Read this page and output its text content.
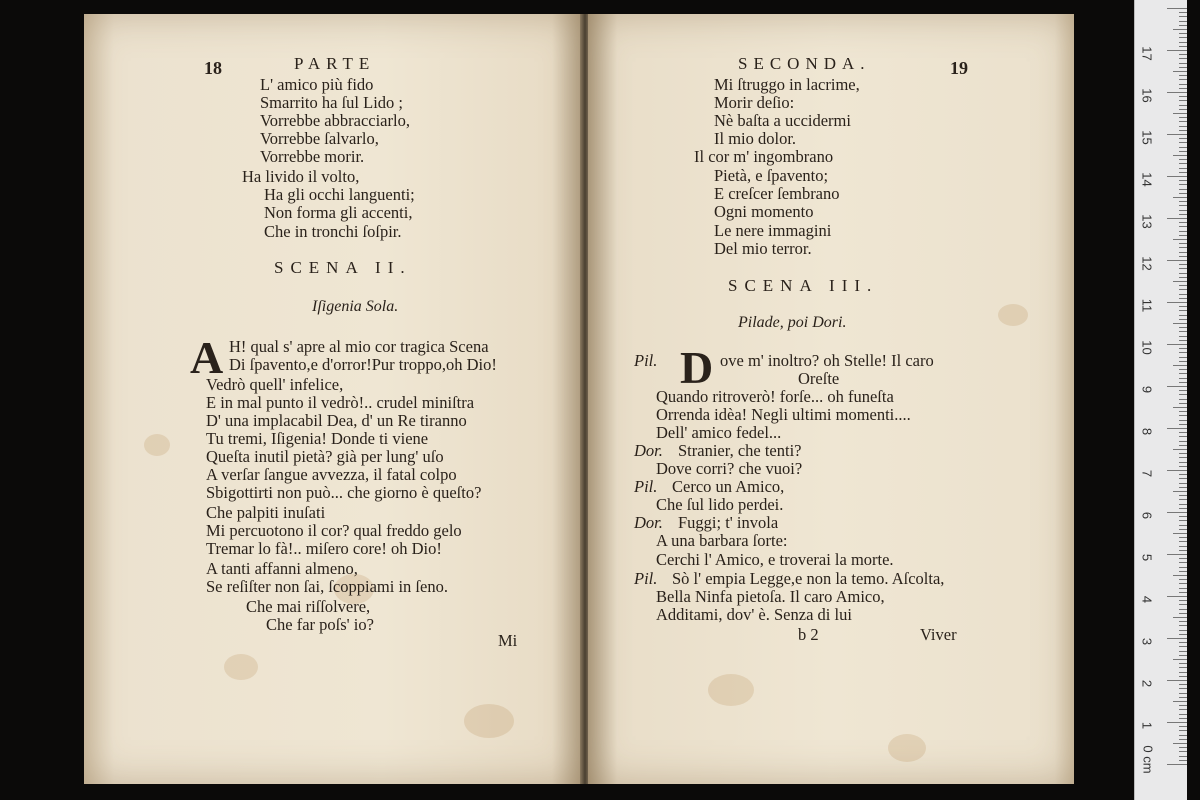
18	PARTE
L' amico più fido
Smarrito ha ſul Lido ;
Vorrebbe abbracciarlo,
Vorrebbe ſalvarlo,
Vorrebbe morir.
Ha livido il volto,
Ha gli occhi languenti;
Non forma gli accenti,
Che in tronchi ſoſpir.
SCENA II.
Iſigenia Sola.
A H! qual s' apre al mio cor tragica Scena
Di ſpavento,e d'orror!Pur troppo,oh Dio!
Vedrò quell' infelice,
E in mal punto il vedrò!.. crudel miniſtra
D' una implacabil Dea, d' un Re tiranno
Tu tremi, Iſigenia! Donde ti viene
Queſta inutil pietà? già per lung' uſo
A verſar ſangue avvezza, il fatal colpo
Sbigottirti non può... che giorno è queſto?
Che palpiti inuſati
Mi percuotono il cor? qual freddo gelo
Tremar lo fà!.. miſero core! oh Dio!
A tanti affanni almeno,
Se reſiſter non ſai, ſcoppiami in ſeno.
Che mai riſſolvere,
Che far poſs' io?
Mi
SECONDA.	19
Mi ſtruggo in lacrime,
Morir deſio:
Nè baſta a uccidermi
Il mio dolor.
Il cor m' ingombrano
Pietà, e ſpavento;
E creſcer ſembrano
Ogni momento
Le nere immagini
Del mio terror.
SCENA III.
Pilade, poi Dori.
D
Pil.	ove m' inoltro? oh Stelle! Il caro
Oreſte
Quando ritroverò! forſe... oh funeſta
Orrenda idèa! Negli ultimi momenti....
Dell' amico fedel...
Dor. Stranier, che tenti?
Dove corri? che vuoi?
Pil. Cerco un Amico,
Che ſul lido perdei.
Dor. Fuggi; t' invola
A una barbara ſorte:
Cerchi l' Amico, e troverai la morte.
Pil. Sò l' empia Legge,e non la temo. Aſcolta,
Bella Ninfa pietoſa. Il caro Amico,
Additami, dov' è. Senza di lui
b 2	Viver
0 cm
1
2
3
4
5
6
7
8
9
10
11
12
13
14
15
16
17
